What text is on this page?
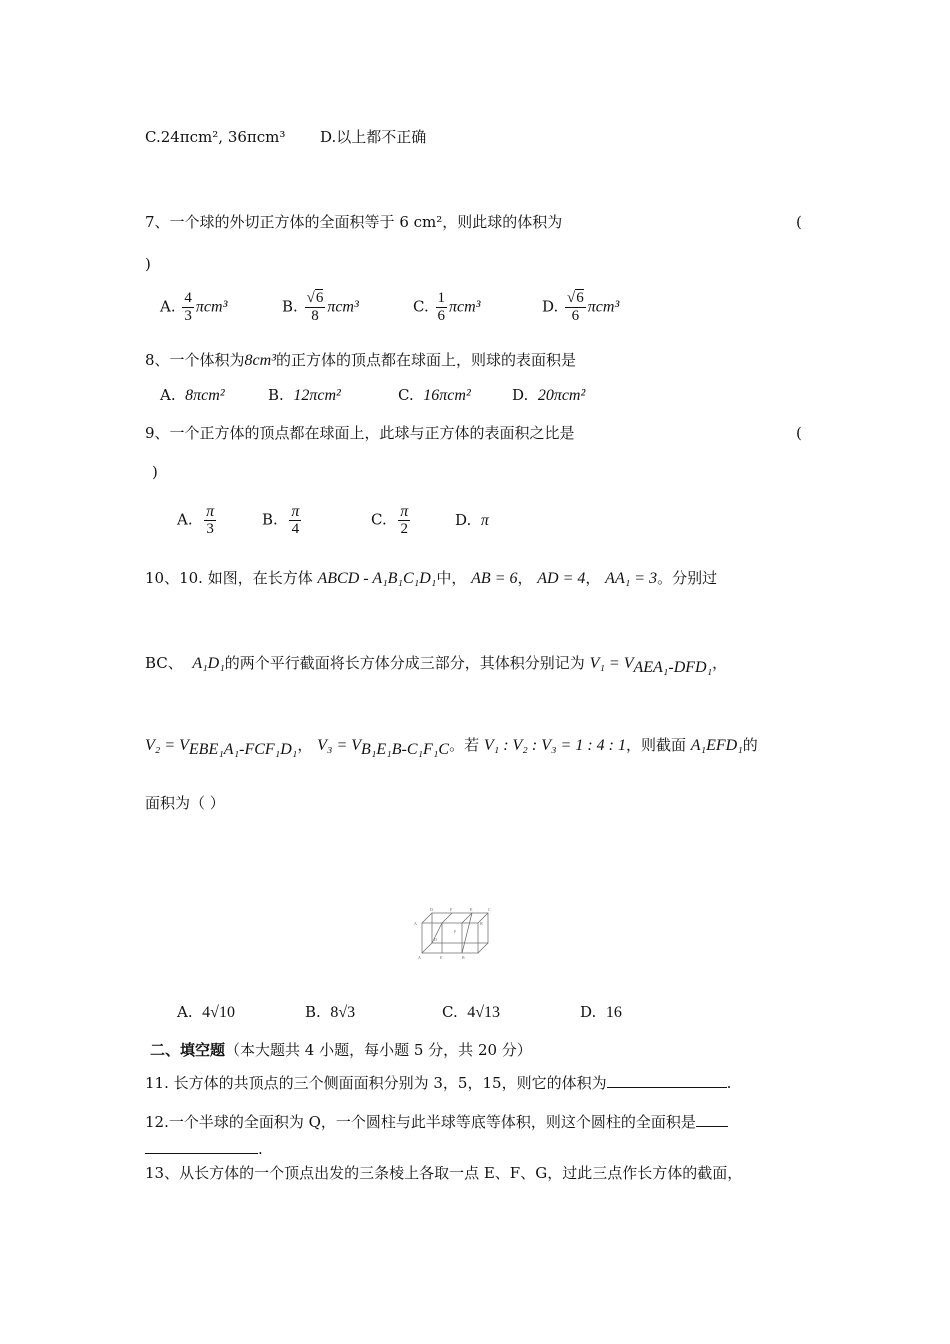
C.24πcm², 36πcm³ D.以上都不正确
7、一个球的外切正方体的全面积等于 6 cm²，则此球的体积为	(
)
A. $\frac{4}{3} \pi cm^3$	B. $\frac{√6}{8} \pi cm^3$	C. $\frac{1}{6} \pi cm^3$	D. $\frac{√6}{6} \pi cm^3$
8、一个体积为8cm³的正方体的顶点都在球面上，则球的表面积是
A. 8πcm²	B. 12πcm²	C. 16πcm²	D. 20πcm²
9、一个正方体的顶点都在球面上，此球与正方体的表面积之比是	(
)
A. $\frac{\pi}{3}$	B. $\frac{\pi}{4}$	C. $\frac{\pi}{2}$	D. π
10、10. 如图，在长方体 ABCD - A₁B₁C₁D₁中， AB = 6， AD = 4， AA₁ = 3。分别过
BC、 A₁D₁的两个平行截面将长方体分成三部分，其体积分别记为 $V_1 = V_{AEA_1-DFD_1}$，
$V_2 = V_{EBE_1A_1-FCF_1D_1}$， $V_3 = V_{B_1E_1B-C_1F_1C}$。若 V₁ : V₂ : V₃ = 1 : 4 : 1，则截面 A₁EFD₁的
面积为（ ）
D	F	E	C
A	B
D
F
A	E	B
A. 4√10	B. 8√3	C. 4√13	D. 16
二、填空题（本大题共 4 小题，每小题 5 分，共 20 分）
11. 长方体的共顶点的三个侧面面积分别为 3，5，15，则它的体积为	.
12.一个半球的全面积为 Q，一个圆柱与此半球等底等体积，则这个圆柱的全面积是
.
13、从长方体的一个顶点出发的三条棱上各取一点 E、F、G，过此三点作长方体的截面，
